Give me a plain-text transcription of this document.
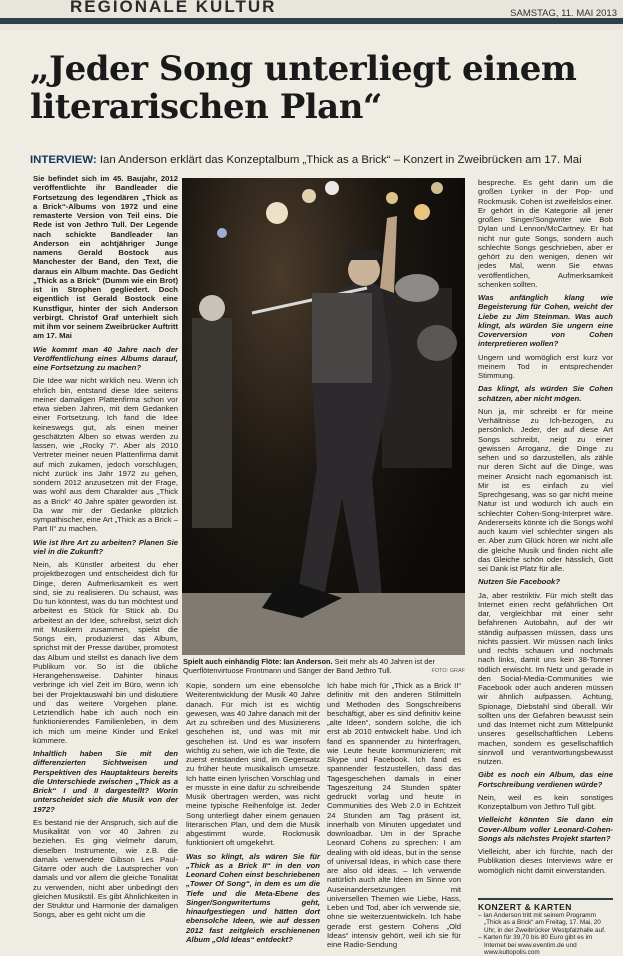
REGIONALE KULTUR	SAMSTAG, 11. MAI 2013
„Jeder Song unterliegt einem literarischen Plan“
INTERVIEW: Ian Anderson erklärt das Konzeptalbum „Thick as a Brick“ – Konzert in Zweibrücken am 17. Mai

Sie befindet sich im 45. Baujahr, 2012 veröffentlichte ihr Bandleader die Fortsetzung des legendären „Thick as a Brick“-Albums von 1972 und eine remasterte Version von Teil eins. Die Rede ist von Jethro Tull. Der Legende nach schickte Bandleader Ian Anderson ein achtjähriger Junge namens Gerald Bostock aus Manchester der Band, den Text, die daraus ein Album machte. Das Gedicht „Thick as a Brick“ (Dumm wie ein Brot) ist in Strophen gegliedert. Doch eigentlich ist Gerald Bostock eine Kunstfigur, hinter der sich Anderson verbirgt. Christof Graf unterhielt sich mit ihm vor seinem Zweibrücker Auftritt am 17. Mai

Wie kommt man 40 Jahre nach der Veröffentlichung eines Albums darauf, eine Fortsetzung zu machen?

Die Idee war nicht wirklich neu. Wenn ich ehrlich bin, entstand diese Idee seitens meiner damaligen Plattenfirma schon vor etwa sieben Jahren, mit dem Gedanken einer Fortsetzung. Ich fand die Idee keineswegs gut, als einen meiner geschätzten Alben so etwas werden zu lassen, wie „Rocky 7“. Aber als 2010 Vertreter meiner neuen Plattenfirma damit auf mich zukamen, jedoch vorschlugen, nicht zurück ins Jahr 1972 zu gehen, sondern 2012 anzusetzen mit der Frage, was wohl aus dem Charakter aus „Thick as a Brick“ 40 Jahre später geworden ist. Da war mir der Gedanke plötzlich sympathischer, eine Art „Thick as a Brick – Part II“ zu machen.

Wie ist Ihre Art zu arbeiten? Planen Sie viel in die Zukunft?

Nein, als Künstler arbeitest du eher projektbezogen und entscheidest dich für Dinge, deren Aufmerksamkeit es wert sind, sie zu realisieren. Du schaust, was Du tun könntest, was du tun möchtest und arbeitest es Stück für Stück ab. Du arbeitest an der Idee, schreibst, setzt dich mit Musikern zusammen, spielst die Songs ein, produzierst das Album, sprichst mit der Presse darüber, promotest das Album und stellst es danach live dem Publikum vor. So ist die übliche Herangehensweise. Dahinter hinaus verbringe ich viel Zeit im Büro, wenn ich bei der Projektauswahl bin und diskutiere und das weitere Vorgehen plane. Letztendlich habe ich auch noch ein funktionierendes Familienleben, in dem ich mich um meine Kinder und Enkel kümmere.

Inhaltlich haben Sie mit den differenzierten Sichtweisen und Perspektiven des Hauptakteurs bereits die Unterschiede zwischen „Thick as a Brick“ I und II dargestellt? Worin unterscheidet sich die Musik von der 1972?

Es bestand nie der Anspruch, sich auf die Musikalität von vor 40 Jahren zu beziehen. Es ging vielmehr darum, dieselben Instrumente, wie z.B. die damals verwendete Gibson Les Paul-Gitarre oder auch die Lautsprecher von damals und vor allem die gleiche Tonalität zu verwenden, nicht aber unbedingt den gleichen Musikstil. Es gibt Ähnlichkeiten in der Struktur und Harmonie der damaligen Songs, aber es geht nicht um die

Spielt auch einhändig Flöte: Ian Anderson. Seit mehr als 40 Jahren ist der Querflötenvirtuose Frontmann und Sänger der Band Jethro Tull.	FOTO: GRAF

Kopie, sondern um eine ebensolche Weiterentwicklung der Musik 40 Jahre danach. Für mich ist es wichtig gewesen, was 40 Jahre danach mit der Art zu schreiben und des Musizierens geschehen ist, und was mit mir geschehen ist. Und es war insofern wichtig zu sehen, wie ich die Texte, die zuerst entstanden sind, im Gegensatz zu früher heute musikalisch umsetze. Ich hatte einen lyrischen Vorschlag und er musste in eine dafür zu schreibende Musik übertragen werden, was nicht meine typische Reihenfolge ist. Jeder Song unterliegt daher einem genauen literarischen Plan, und dem die Musik abgestimmt wurde. Rockmusik funktioniert oft umgekehrt.

Was so klingt, als wären Sie für „Thick as a Brick II“ in den von Leonard Cohen einst beschriebenen „Tower Of Song“, in dem es um die Tiefe und die Meta-Ebene des Singer/Songwritertums geht, hinaufgestiegen und hätten dort ebensolche Ideen, wie auf dessen 2012 fast zeitgleich erschienenen Album „Old Ideas“ entdeckt?

Ich habe mich für „Thick as a Brick II“ definitiv mit den anderen Stilmitteln und Methoden des Songschreibens beschäftigt, aber es sind definitiv keine „alte Ideen“, sondern solche, die ich erst ab 2010 entwickelt habe. Und ich fand es spannender zu hinterfragen, wie Leute heute kommunizieren; mit Skype und Facebook. Ich fand es spannender festzustellen, dass das Tagesgeschehen damals in einer Tageszeitung 24 Stunden später gedruckt vorlag und heute in Communities des Web 2.0 in Echtzeit 24 Stunden am Tag präsent ist, innerhalb von Minuten upgedatet und downloadbar. Um in der Sprache Leonard Cohens zu sprechen: I am dealing with old ideas, but in the sense of universal Ideas, in which case there are also old ideas. – Ich verwende natürlich auch alte Ideen im Sinne von Auseinandersetzungen mit universellen Themen wie Liebe, Hass, Leben und Tod, aber ich verwende sie, ohne sie weiterzuentwickeln. Ich habe gerade erst gestern Cohens „Old Ideas“ intensiv gehört, weil ich sie für eine Radio-Sendung

bespreche. Es geht darin um die großen Lyriker in der Pop- und Rockmusik. Cohen ist zweifelslos einer. Er gehört in die Kategorie all jener großen Singer/Songwriter wie Bob Dylan und Lennon/McCartney. Er hat nicht nur gute Songs, sondern auch schlechte Songs geschrieben, aber er gehört zu den wenigen, denen wir jedes Mal, wenn Sie etwas veröffentlichen, Aufmerksamkeit schenken sollten.

Was anfänglich klang wie Begeisterung für Cohen, weicht der Liebe zu Jim Steinman. Was auch klingt, als würden Sie ungern eine Coverversion von Cohen interpretieren wollen?

Ungern und womöglich erst kurz vor meinem Tod in entsprechender Stimmung.

Das klingt, als würden Sie Cohen schätzen, aber nicht mögen.

Nun ja, mir schreibt er für meine Verhältnisse zu Ich-bezogen, zu persönlich. Jeder, der auf diese Art Songs schreibt, neigt zu einer gewissen Arroganz, die Dinge zu sehen und so darzustellen, als zähle nur deren Sicht auf die Dinge, was meiner Ansicht nach egomanisch ist. Mir ist es einfach zu viel Sprechgesang, was so gar nicht meine Natur ist und wodurch ich auch ein schlechter Cohen-Song-Interpret wäre. Andererseits könnte ich die Songs wohl auch kaum viel schlechter singen als er. Aber zum Glück hören wir nicht alle die gleiche Musik und finden nicht alle das Gleiche schön oder hässlich, Gott sei Dank ist Platz für alle.

Nutzen Sie Facebook?

Ja, aber restriktiv. Für mich stellt das Internet einen recht gefährlichen Ort dar, vergleichbar mit einer sehr befahrenen Autobahn, auf der wir ständig aufpassen müssen, dass uns nichts passiert. Wir müssen nach links und rechts schauen und nochmals nach links, damit uns kein 38-Tonner tödlich erwischt. Im Netz und gerade in den Social-Media-Communities wie Facebook oder auch anderen müssen wir ähnlich aufpassen. Achtung, Spionage, Diebstahl sind überall. Wir sollten uns der Gefahren bewusst sein und das Internet nicht zum Mittelpunkt unseres gesellschaftlichen Lebens machen, sondern es gesellschaftlich sinnvoll und verantwortungsbewusst nutzen.

Gibt es noch ein Album, das eine Fortschreibung verdienen würde?

Nein, weil es kein sonstiges Konzeptalbum von Jethro Tull gibt.

Vielleicht könnten Sie dann ein Cover-Album voller Leonard-Cohen-Songs als nächstes Projekt starten?

Vielleicht, aber ich fürchte, nach der Publikation dieses Interviews wäre er womöglich nicht damit einverstanden.

KONZERT & KARTEN
– Ian Anderson tritt mit seinem Programm „Thick as a Brick“ am Freitag, 17. Mai, 20 Uhr, in der Zweibrücker Westpfalzhalle auf.
– Karten für 39,70 bis 80 Euro gibt es im Internet bei www.eventim.de und www.kultopolis.com
